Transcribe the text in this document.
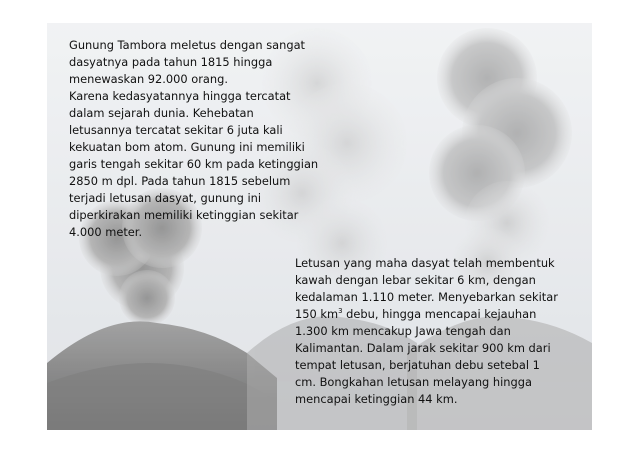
Gunung Tambora meletus dengan sangat
dasyatnya pada tahun 1815 hingga
menewaskan 92.000 orang.
Karena kedasyatannya hingga tercatat
dalam sejarah dunia. Kehebatan
letusannya tercatat sekitar 6 juta kali
kekuatan bom atom. Gunung ini memiliki
garis tengah sekitar 60 km pada ketinggian
2850 m dpl. Pada tahun 1815 sebelum
terjadi letusan dasyat, gunung ini
diperkirakan memiliki ketinggian sekitar
4.000 meter.

Letusan yang maha dasyat telah membentuk
kawah dengan lebar sekitar 6 km, dengan
kedalaman 1.110 meter. Menyebarkan sekitar
150 $km^3$ debu, hingga mencapai kejauhan
1.300 km mencakup Jawa tengah dan
Kalimantan. Dalam jarak sekitar 900 km dari
tempat letusan, berjatuhan debu setebal 1
cm. Bongkahan letusan melayang hingga
mencapai ketinggian 44 km.
